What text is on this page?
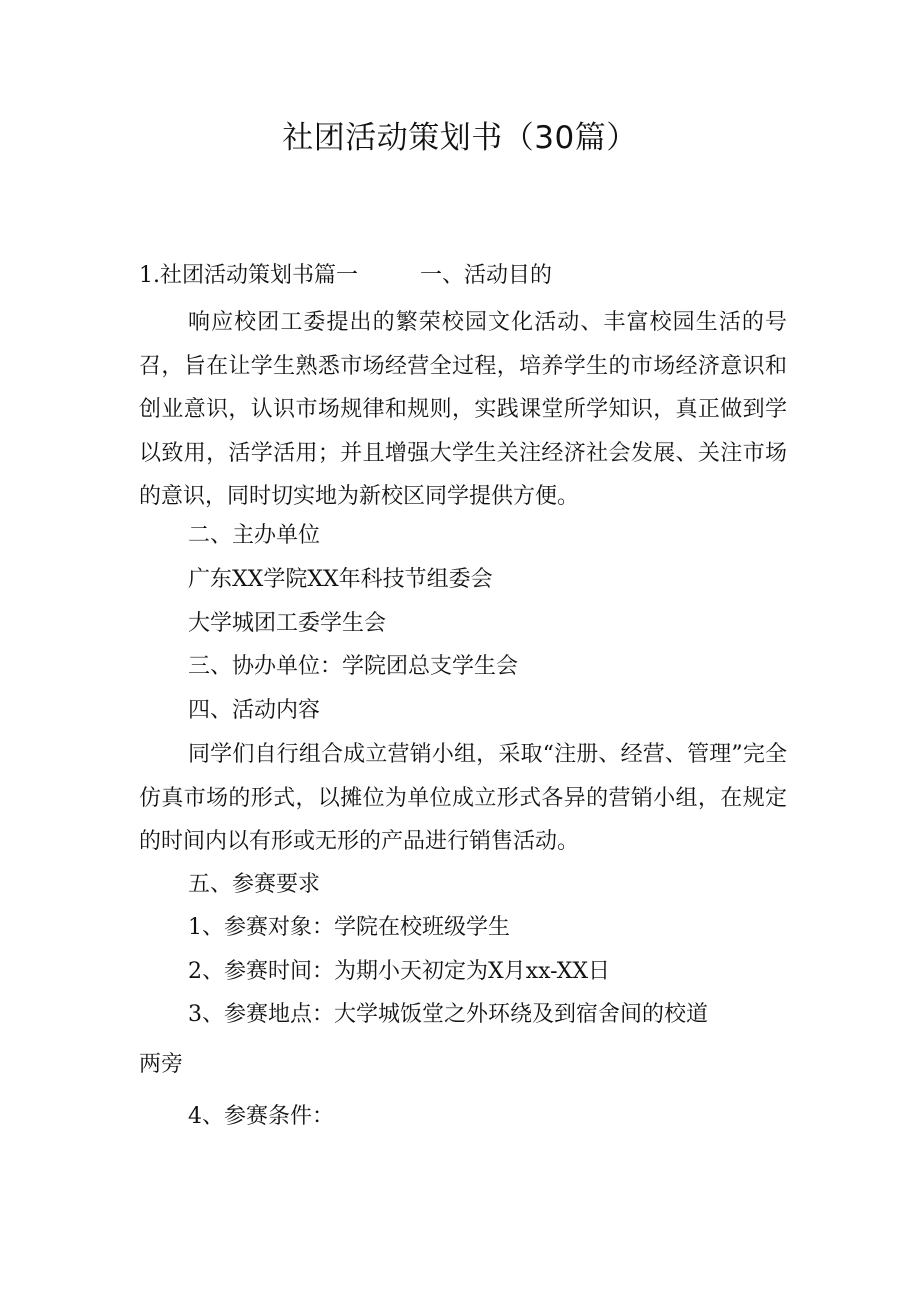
社团活动策划书（30篇）

1.社团活动策划书篇一	一、活动目的

响应校团工委提出的繁荣校园文化活动、丰富校园生活的号召，旨在让学生熟悉市场经营全过程，培养学生的市场经济意识和创业意识，认识市场规律和规则，实践课堂所学知识，真正做到学以致用，活学活用；并且增强大学生关注经济社会发展、关注市场的意识，同时切实地为新校区同学提供方便。

二、主办单位

广东XX学院XX年科技节组委会

大学城团工委学生会

三、协办单位：学院团总支学生会

四、活动内容

同学们自行组合成立营销小组，采取“注册、经营、管理”完全仿真市场的形式，以摊位为单位成立形式各异的营销小组，在规定的时间内以有形或无形的产品进行销售活动。

五、参赛要求

1、参赛对象：学院在校班级学生

2、参赛时间：为期小天初定为X月xx-XX日

3、参赛地点：大学城饭堂之外环绕及到宿舍间的校道

两旁

4、参赛条件：
